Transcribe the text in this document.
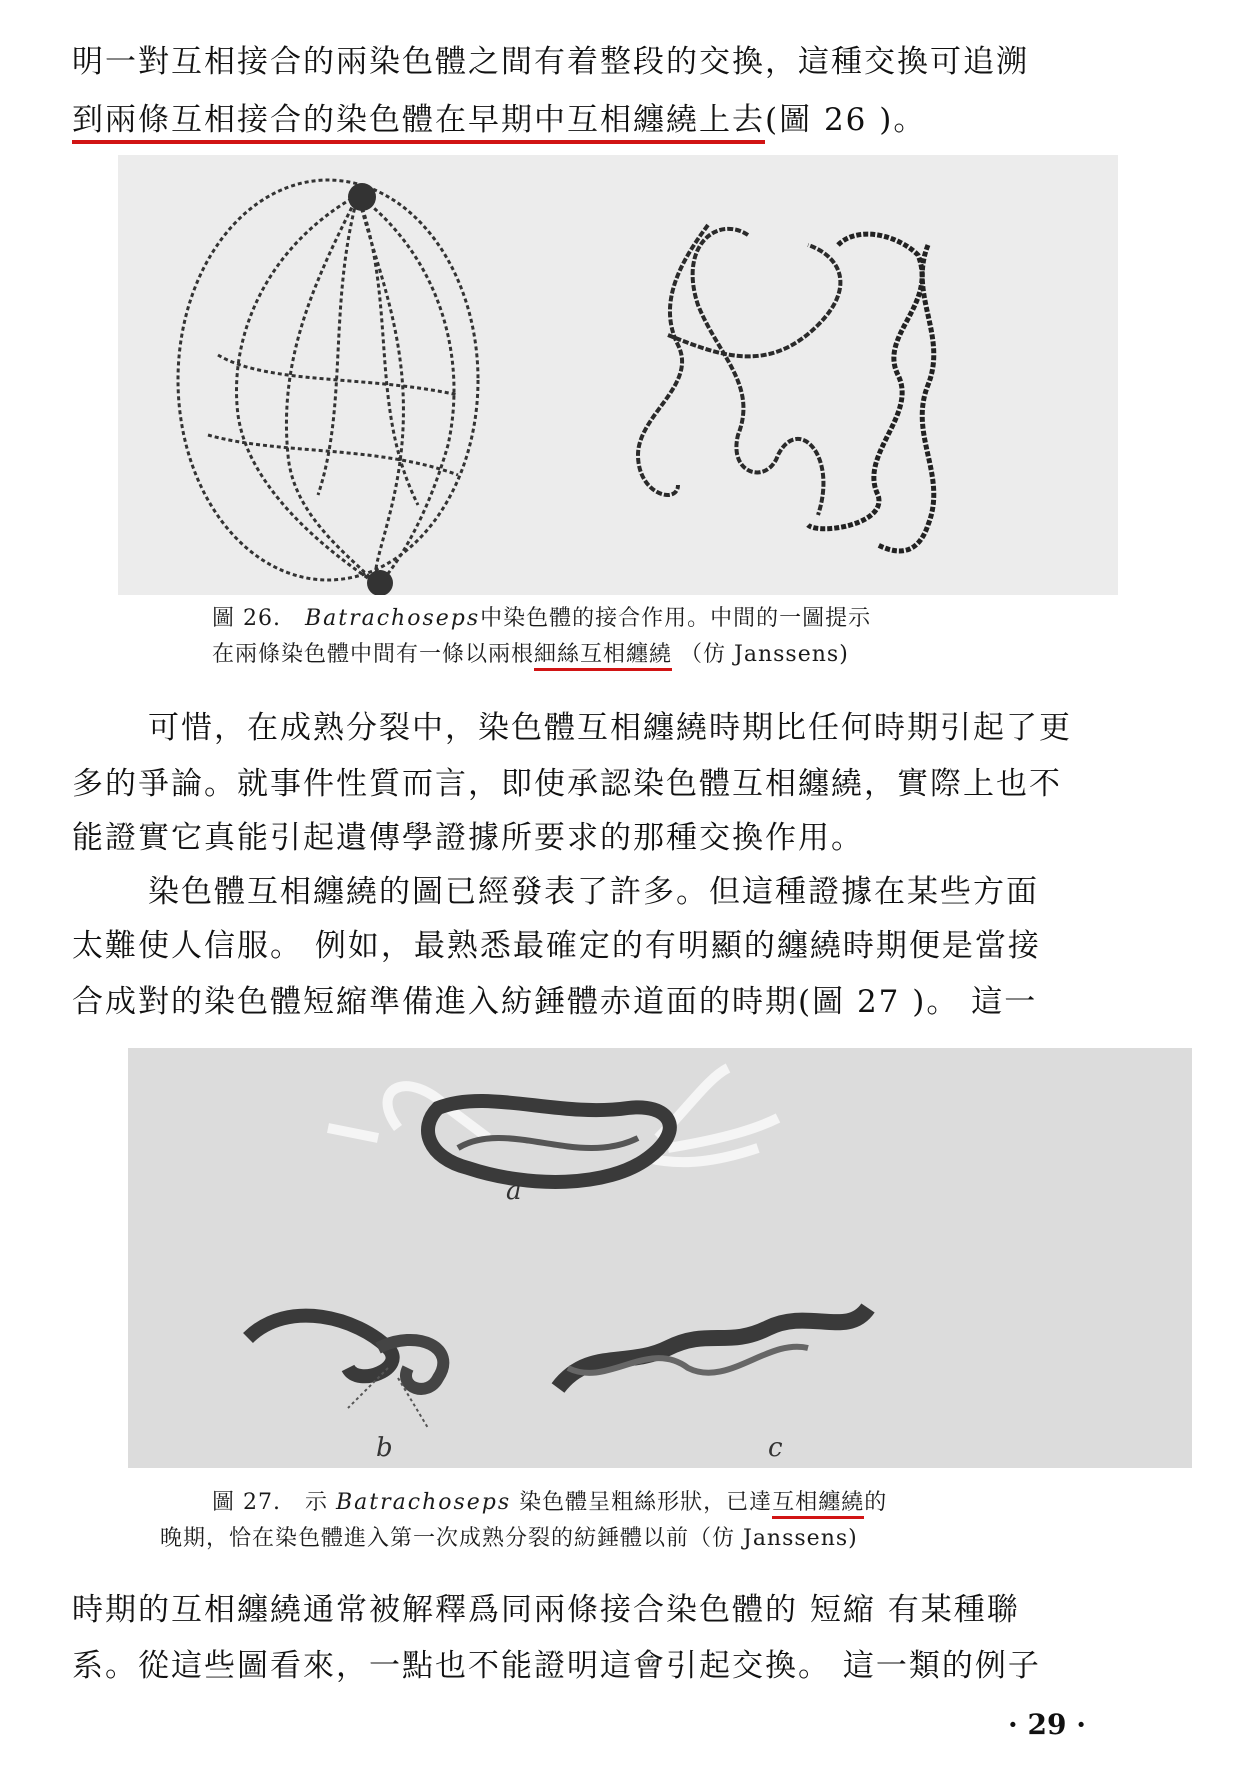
明一對互相接合的兩染色體之間有着整段的交換，這種交換可追溯
到兩條互相接合的染色體在早期中互相纏繞上去(圖 26 )。
圖 26. Batrachoseps中染色體的接合作用。中間的一圖提示
在兩條染色體中間有一條以兩根細絲互相纏繞 （仿 Janssens)
可惜，在成熟分裂中，染色體互相纏繞時期比任何時期引起了更
多的爭論。就事件性質而言，即使承認染色體互相纏繞，實際上也不
能證實它真能引起遺傳學證據所要求的那種交換作用。
染色體互相纏繞的圖已經發表了許多。但這種證據在某些方面
太難使人信服。 例如，最熟悉最確定的有明顯的纏繞時期便是當接
合成對的染色體短縮準備進入紡錘體赤道面的時期(圖 27 )。 這一
a
b	c
圖 27. 示 Batrachoseps 染色體呈粗絲形狀，已達互相纏繞的
晚期，恰在染色體進入第一次成熟分裂的紡錘體以前（仿 Janssens)
時期的互相纏繞通常被解釋爲同兩條接合染色體的 短縮 有某種聯
系。從這些圖看來，一點也不能證明這會引起交換。 這一類的例子
· 29 ·
